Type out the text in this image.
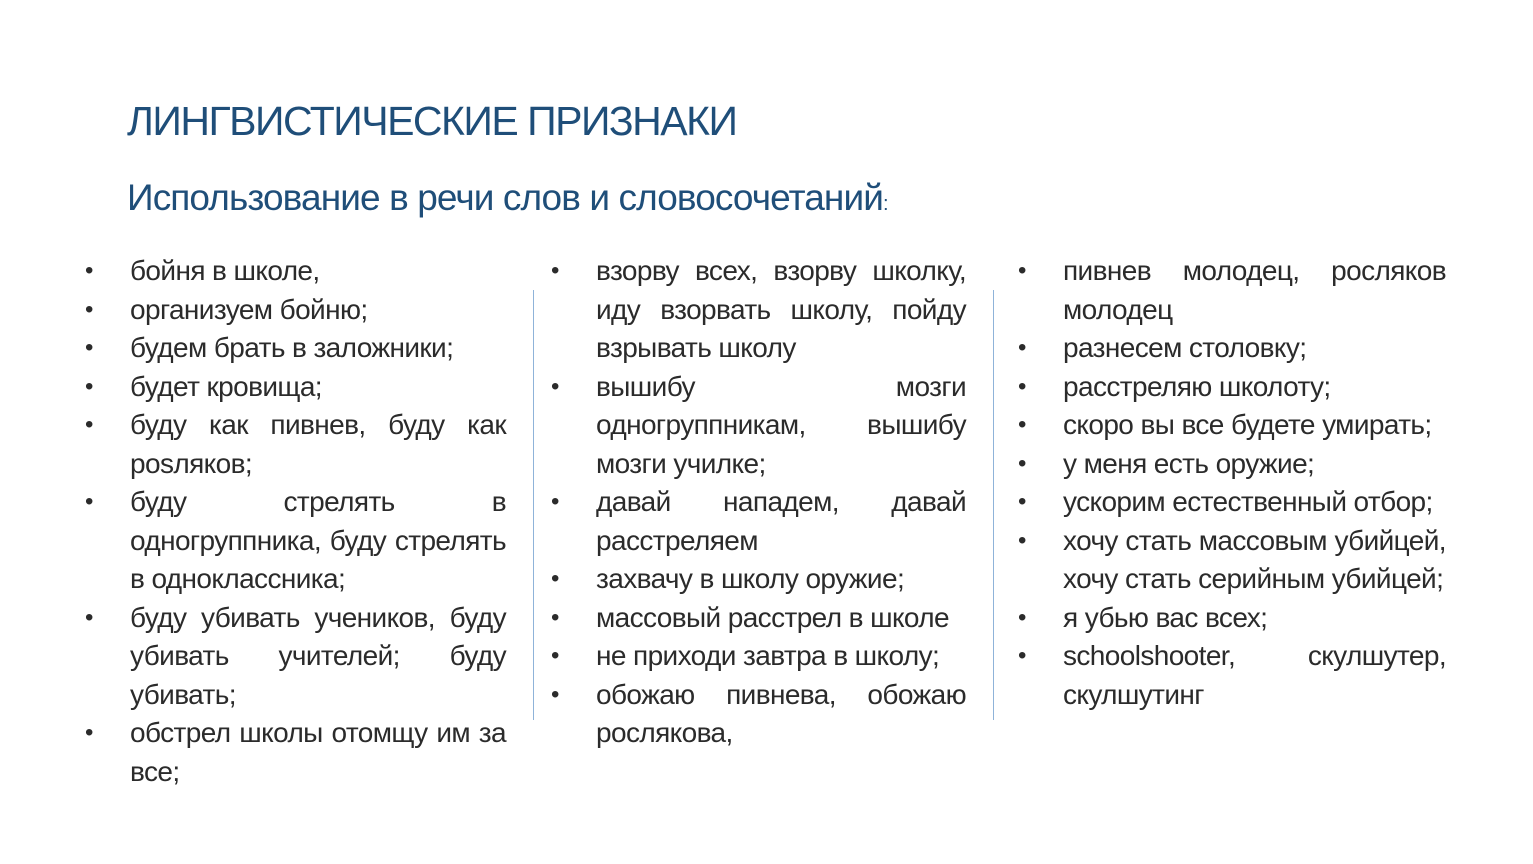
ЛИНГВИСТИЧЕСКИЕ ПРИЗНАКИ
Использование в речи слов и словосочетаний:
• бойня в школе,
• организуем бойню;
• будем брать в заложники;
• будет кровища;
• буду как пивнев, буду как рosляков;
• буду стрелять в одногруппника, буду стрелять в одноклассника;
• буду убивать учеников, буду убивать учителей; буду убивать;
• обстрел школы отомщу им за все;
• взорву всех, взорву школку, иду взорвать школу, пойду взрывать школу
• вышибу мозги одногруппникам, вышибу мозги училке;
• давай нападем, давай расстреляем
• захвачу в школу оружие;
• массовый расстрел в школе
• не приходи завтра в школу;
• обожаю пивнева, обожаю рослякова,
• пивнев молодец, росляков молодец
• разнесем столовку;
• расстреляю школоту;
• скоро вы все будете умирать;
• у меня есть оружие;
• ускорим естественный отбор;
• хочу стать массовым убийцей, хочу стать серийным убийцей;
• я убью вас всех;
• schoolshooter, скулшутер, скулшутинг
